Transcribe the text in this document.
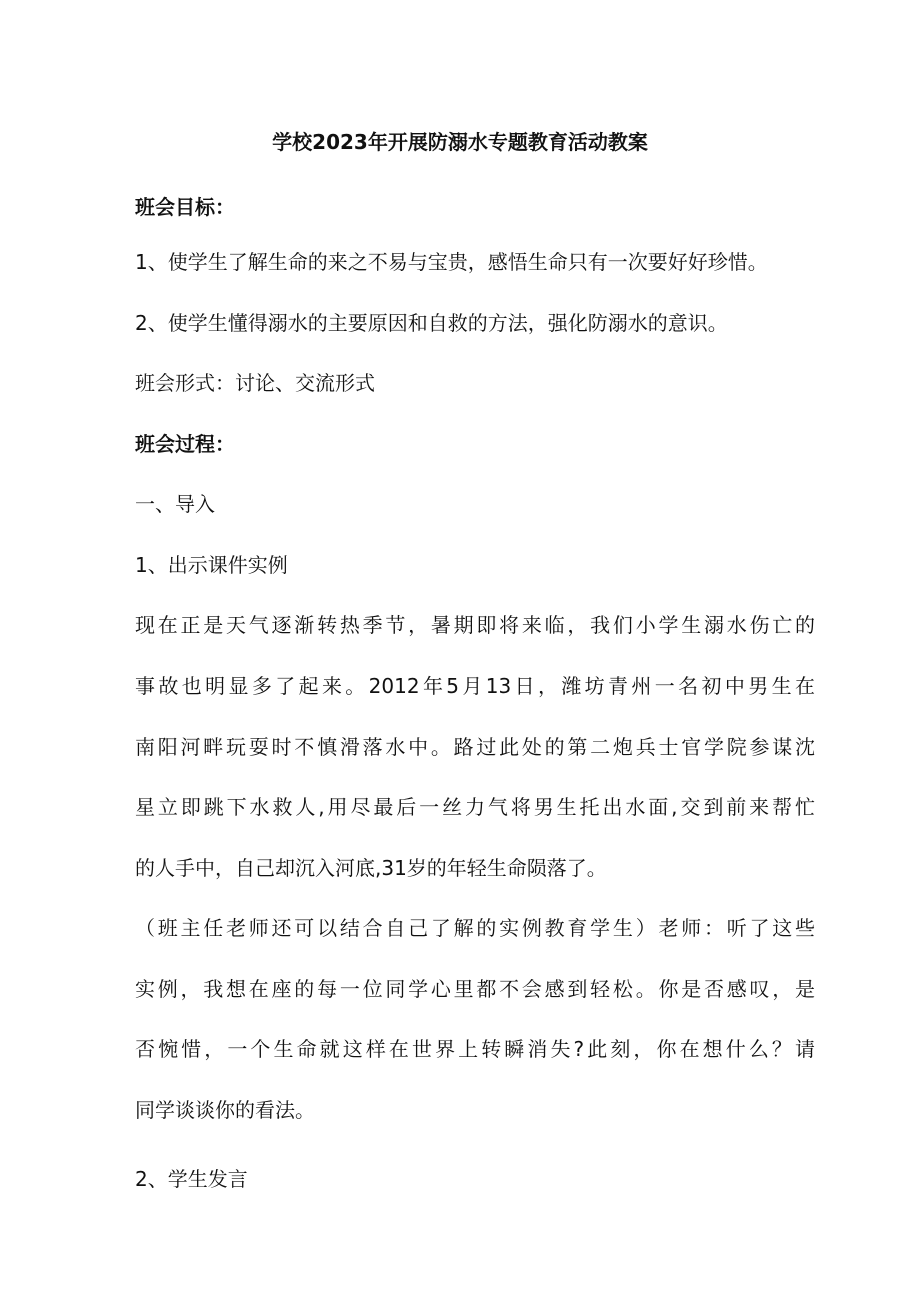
学校2023年开展防溺水专题教育活动教案

班会目标：

1、使学生了解生命的来之不易与宝贵，感悟生命只有一次要好好珍惜。

2、使学生懂得溺水的主要原因和自救的方法，强化防溺水的意识。

班会形式：讨论、交流形式

班会过程：

一、导入

1、出示课件实例

现在正是天气逐渐转热季节，暑期即将来临，我们小学生溺水伤亡的

事故也明显多了起来。2012年5月13日，潍坊青州一名初中男生在

南阳河畔玩耍时不慎滑落水中。路过此处的第二炮兵士官学院参谋沈

星立即跳下水救人,用尽最后一丝力气将男生托出水面,交到前来帮忙

的人手中，自己却沉入河底,31岁的年轻生命陨落了。

（班主任老师还可以结合自己了解的实例教育学生）老师：听了这些

实例，我想在座的每一位同学心里都不会感到轻松。你是否感叹，是

否惋惜，一个生命就这样在世界上转瞬消失?此刻，你在想什么？请

同学谈谈你的看法。

2、学生发言
